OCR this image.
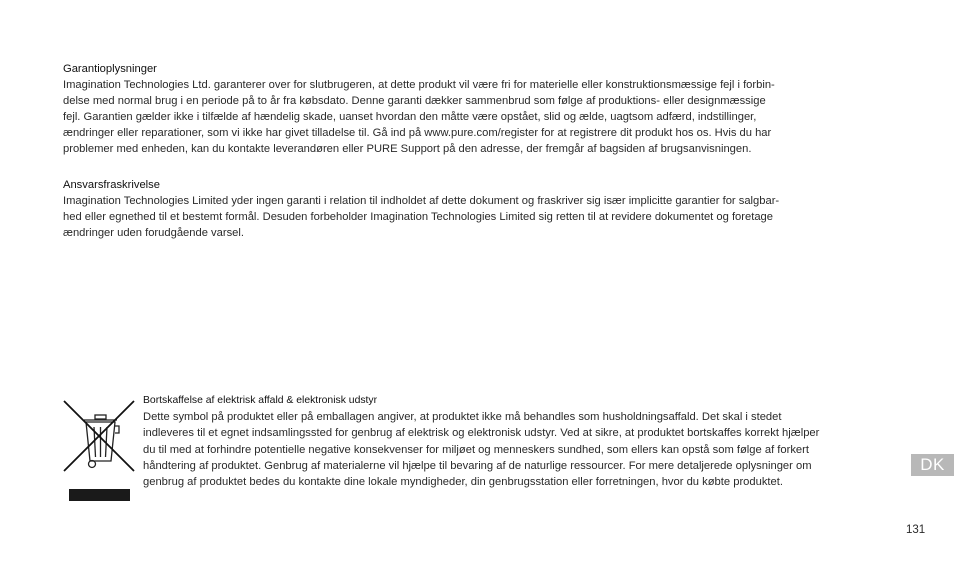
Garantioplysninger
Imagination Technologies Ltd. garanterer over for slutbrugeren, at dette produkt vil være fri for materielle eller konstruktionsmæssige fejl i forbin-
delse med normal brug i en periode på to år fra købsdato. Denne garanti dækker sammenbrud som følge af produktions- eller designmæssige
fejl. Garantien gælder ikke i tilfælde af hændelig skade, uanset hvordan den måtte være opstået, slid og ælde, uagtsom adfærd, indstillinger,
ændringer eller reparationer, som vi ikke har givet tilladelse til. Gå ind på www.pure.com/register for at registrere dit produkt hos os. Hvis du har
problemer med enheden, kan du kontakte leverandøren eller PURE Support på den adresse, der fremgår af bagsiden af brugsanvisningen.
Ansvarsfraskrivelse
Imagination Technologies Limited yder ingen garanti i relation til indholdet af dette dokument og fraskriver sig især implicitte garantier for salgbar-
hed eller egnethed til et bestemt formål. Desuden forbeholder Imagination Technologies Limited sig retten til at revidere dokumentet og foretage
ændringer uden forudgående varsel.
Bortskaffelse af elektrisk affald & elektronisk udstyr
Dette symbol på produktet eller på emballagen angiver, at produktet ikke må behandles som husholdningsaffald. Det skal i stedet
indleveres til et egnet indsamlingssted for genbrug af elektrisk og elektronisk udstyr. Ved at sikre, at produktet bortskaffes korrekt hjælper
du til med at forhindre potentielle negative konsekvenser for miljøet og menneskers sundhed, som ellers kan opstå som følge af forkert
håndtering af produktet. Genbrug af materialerne vil hjælpe til bevaring af de naturlige ressourcer. For mere detaljerede oplysninger om
genbrug af produktet bedes du kontakte dine lokale myndigheder, din genbrugsstation eller forretningen, hvor du købte produktet.
DK
131
